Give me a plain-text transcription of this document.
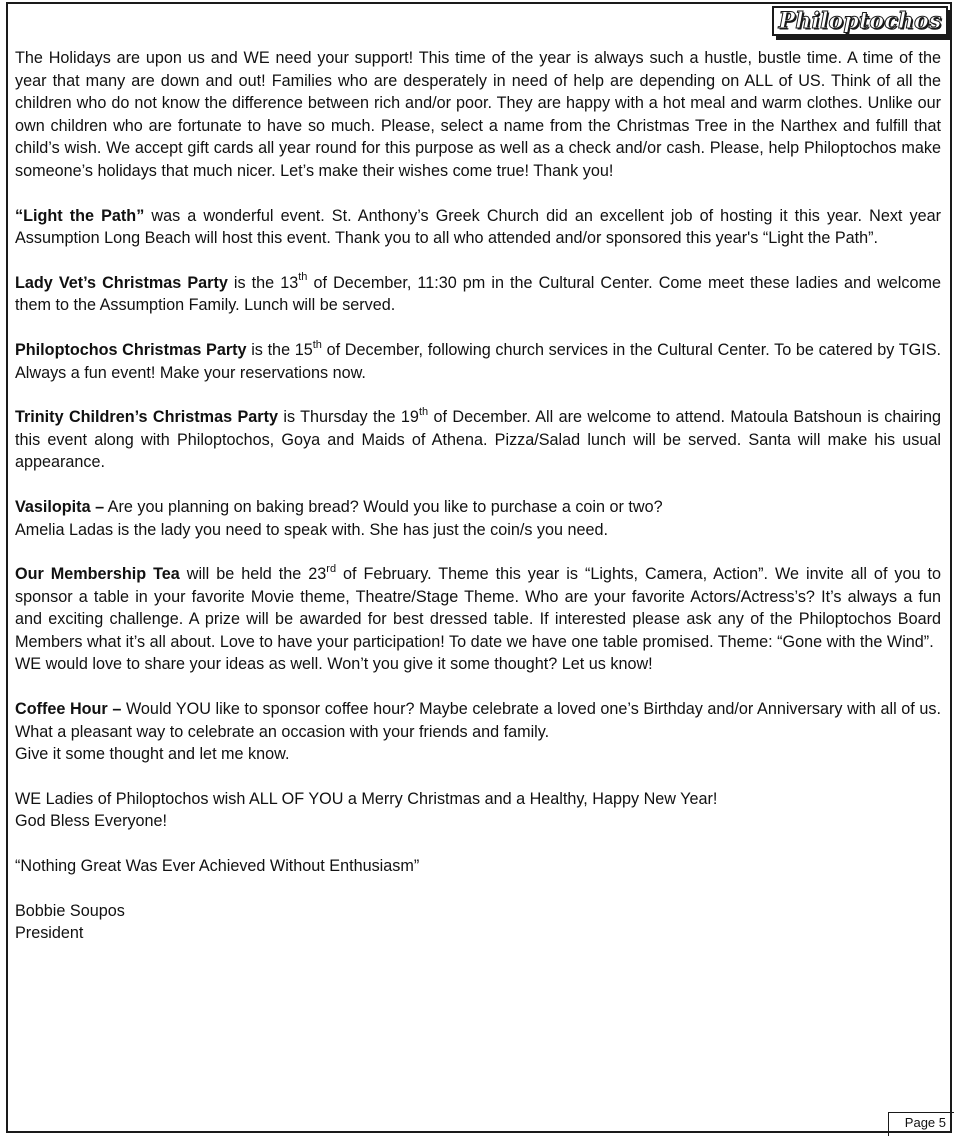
Philoptochos

The Holidays are upon us and WE need your support! This time of the year is always such a hustle, bustle time. A time of the year that many are down and out! Families who are desperately in need of help are depending on ALL of US. Think of all the children who do not know the difference between rich and/or poor. They are happy with a hot meal and warm clothes. Unlike our own children who are fortunate to have so much. Please, select a name from the Christmas Tree in the Narthex and fulfill that child’s wish. We accept gift cards all year round for this purpose as well as a check and/or cash. Please, help Philoptochos make someone’s holidays that much nicer. Let’s make their wishes come true! Thank you!

“Light the Path” was a wonderful event. St. Anthony’s Greek Church did an excellent job of hosting it this year. Next year Assumption Long Beach will host this event. Thank you to all who attended and/or sponsored this year's “Light the Path”.

Lady Vet’s Christmas Party is the 13th of December, 11:30 pm in the Cultural Center. Come meet these ladies and welcome them to the Assumption Family. Lunch will be served.

Philoptochos Christmas Party is the 15th of December, following church services in the Cultural Center. To be catered by TGIS. Always a fun event! Make your reservations now.

Trinity Children’s Christmas Party is Thursday the 19th of December. All are welcome to attend. Matoula Batshoun is chairing this event along with Philoptochos, Goya and Maids of Athena. Pizza/Salad lunch will be served. Santa will make his usual appearance.

Vasilopita – Are you planning on baking bread? Would you like to purchase a coin or two?
Amelia Ladas is the lady you need to speak with. She has just the coin/s you need.

Our Membership Tea will be held the 23rd of February. Theme this year is “Lights, Camera, Action”. We invite all of you to sponsor a table in your favorite Movie theme, Theatre/Stage Theme. Who are your favorite Actors/Actress’s? It’s always a fun and exciting challenge. A prize will be awarded for best dressed table. If interested please ask any of the Philoptochos Board Members what it’s all about. Love to have your participation! To date we have one table promised. Theme: “Gone with the Wind”.

WE would love to share your ideas as well. Won’t you give it some thought? Let us know!

Coffee Hour – Would YOU like to sponsor coffee hour? Maybe celebrate a loved one’s Birthday and/or Anniversary with all of us. What a pleasant way to celebrate an occasion with your friends and family.

Give it some thought and let me know.

WE Ladies of Philoptochos wish ALL OF YOU a Merry Christmas and a Healthy, Happy New Year!

God Bless Everyone!

“Nothing Great Was Ever Achieved Without Enthusiasm”

Bobbie Soupos

President

Page 5
